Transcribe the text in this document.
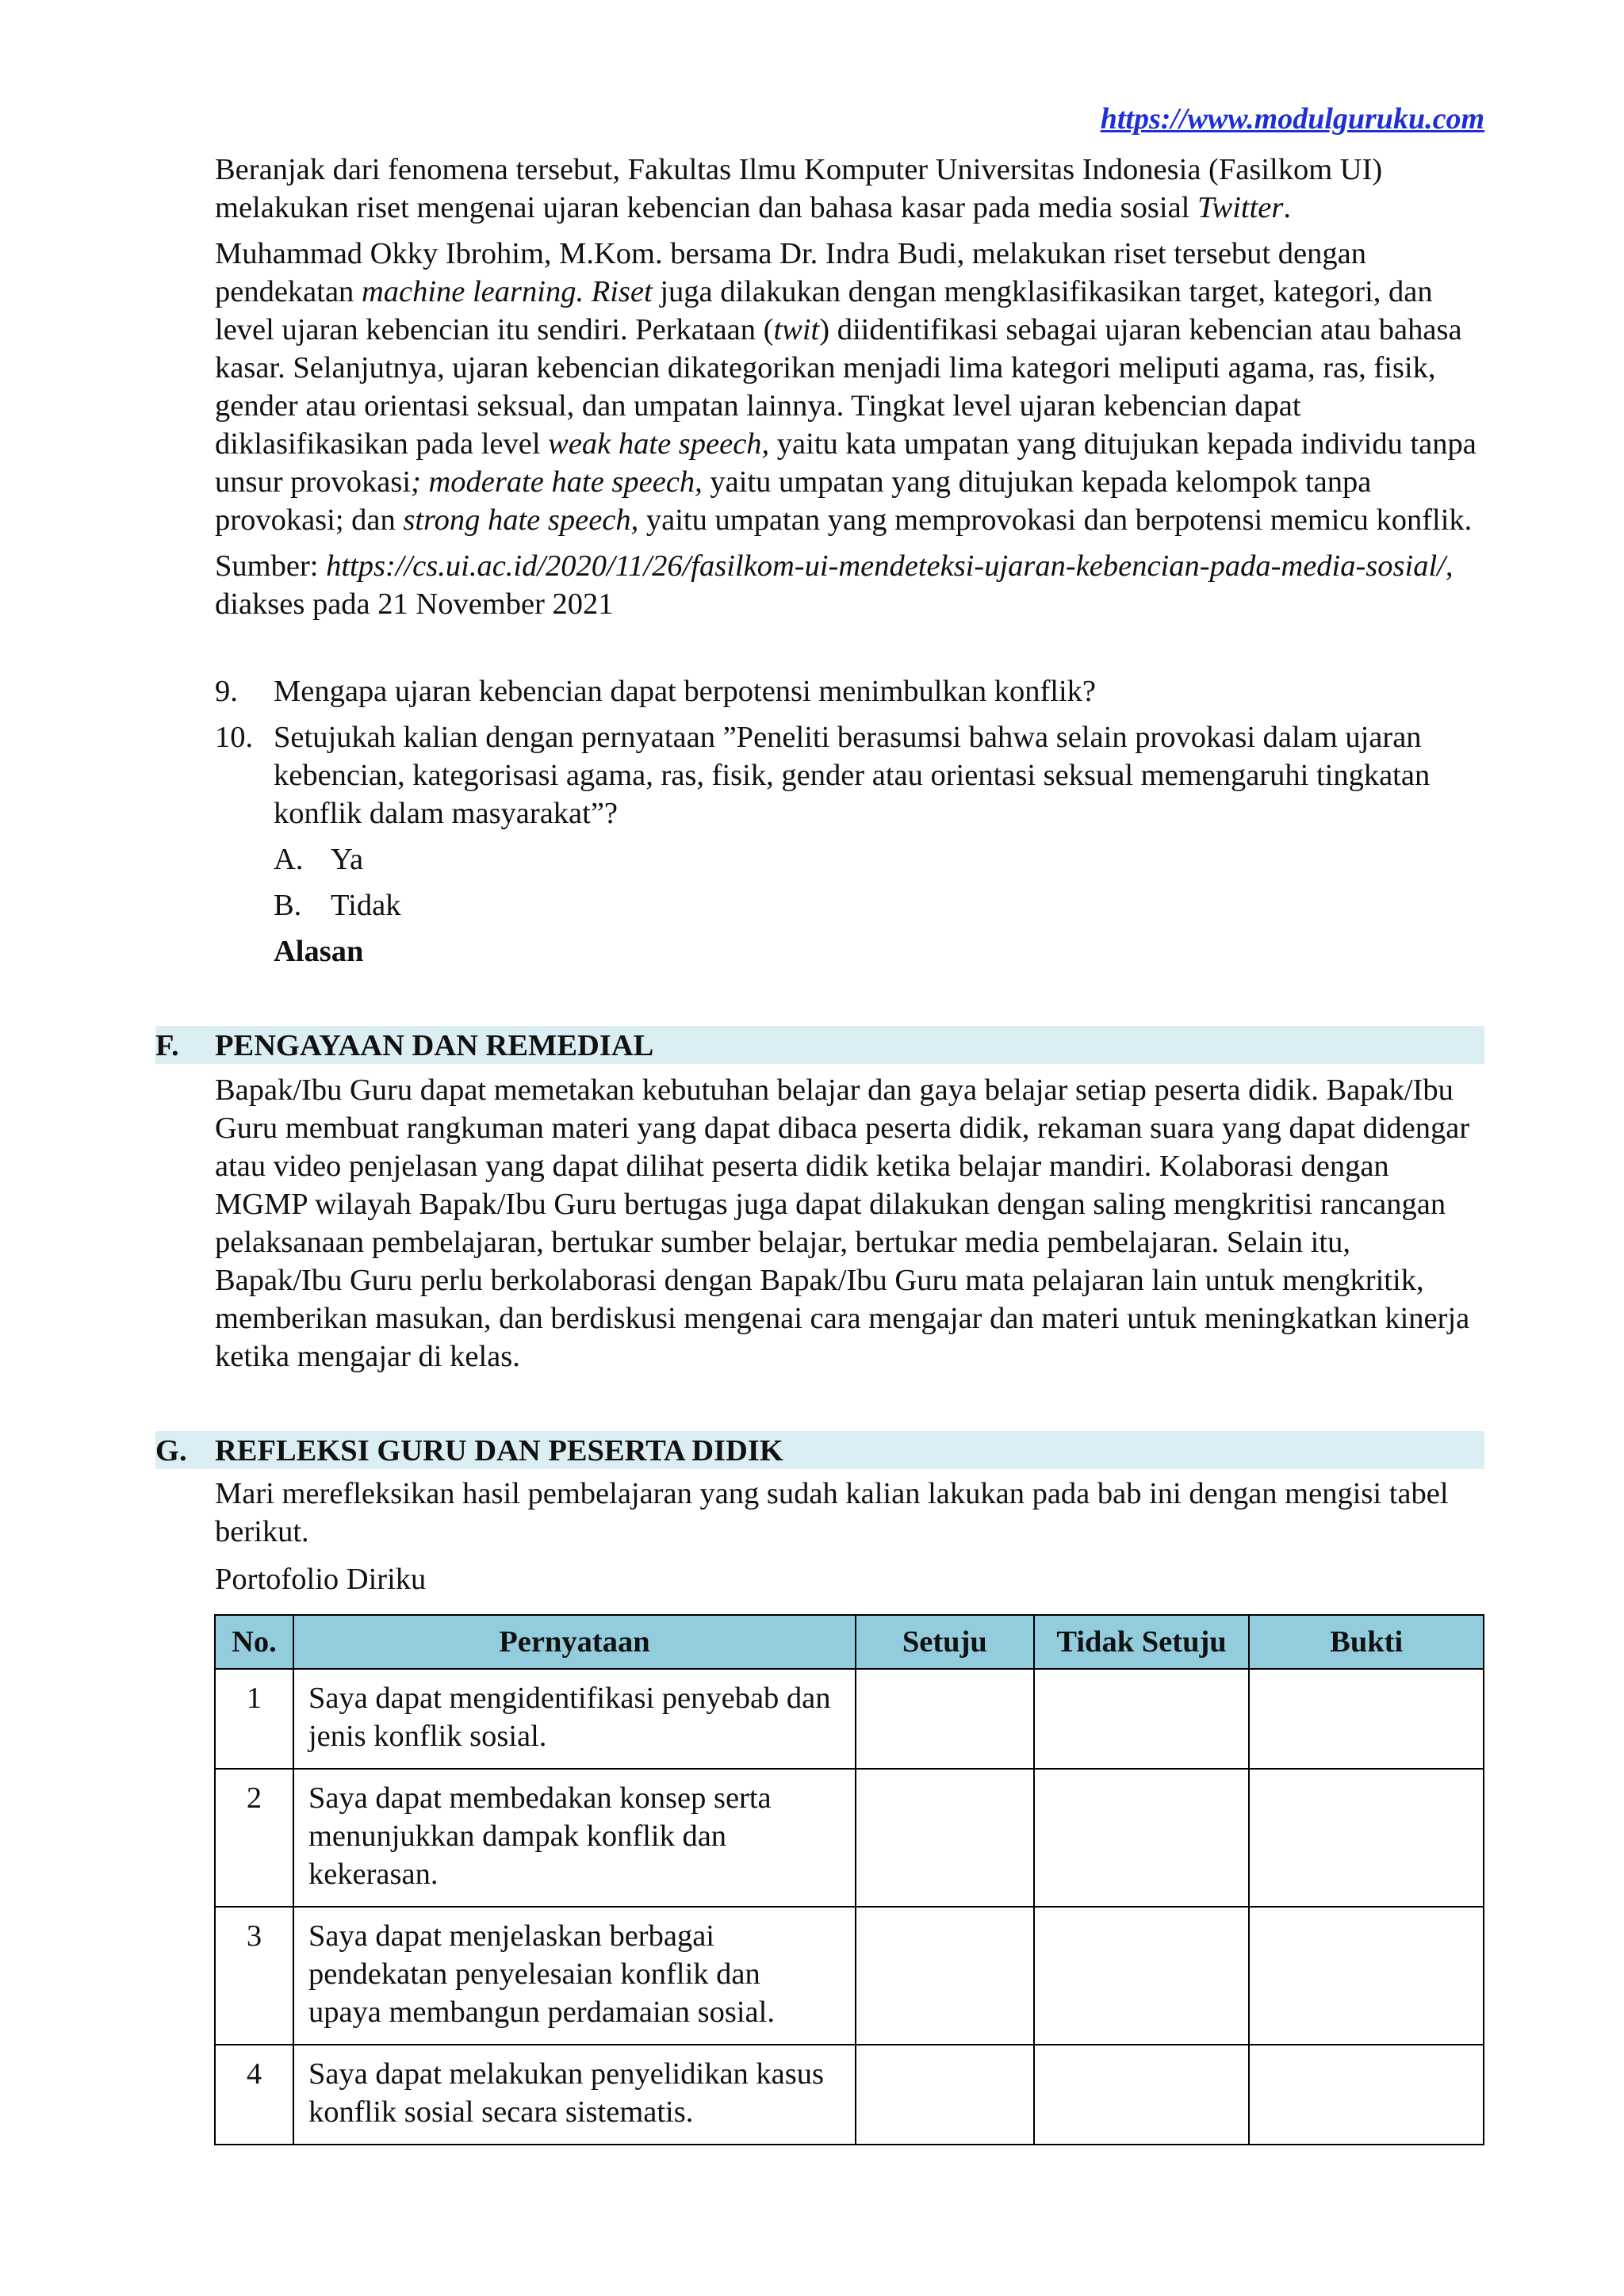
https://www.modulguruku.com

Beranjak dari fenomena tersebut, Fakultas Ilmu Komputer Universitas Indonesia (Fasilkom UI) melakukan riset mengenai ujaran kebencian dan bahasa kasar pada media sosial Twitter.

Muhammad Okky Ibrohim, M.Kom. bersama Dr. Indra Budi, melakukan riset tersebut dengan pendekatan machine learning. Riset juga dilakukan dengan mengklasifikasikan target, kategori, dan level ujaran kebencian itu sendiri. Perkataan (twit) diidentifikasi sebagai ujaran kebencian atau bahasa kasar. Selanjutnya, ujaran kebencian dikategorikan menjadi lima kategori meliputi agama, ras, fisik, gender atau orientasi seksual, dan umpatan lainnya. Tingkat level ujaran kebencian dapat diklasifikasikan pada level weak hate speech, yaitu kata umpatan yang ditujukan kepada individu tanpa unsur provokasi; moderate hate speech, yaitu umpatan yang ditujukan kepada kelompok tanpa provokasi; dan strong hate speech, yaitu umpatan yang memprovokasi dan berpotensi memicu konflik.

Sumber: https://cs.ui.ac.id/2020/11/26/fasilkom-ui-mendeteksi-ujaran-kebencian-pada-media-sosial/, diakses pada 21 November 2021

9.	Mengapa ujaran kebencian dapat berpotensi menimbulkan konflik?
10. Setujukah kalian dengan pernyataan ”Peneliti berasumsi bahwa selain provokasi dalam ujaran kebencian, kategorisasi agama, ras, fisik, gender atau orientasi seksual memengaruhi tingkatan konflik dalam masyarakat”?
A. Ya
B. Tidak
Alasan
F. PENGAYAAN DAN REMEDIAL

Bapak/Ibu Guru dapat memetakan kebutuhan belajar dan gaya belajar setiap peserta didik. Bapak/Ibu Guru membuat rangkuman materi yang dapat dibaca peserta didik, rekaman suara yang dapat didengar atau video penjelasan yang dapat dilihat peserta didik ketika belajar mandiri. Kolaborasi dengan MGMP wilayah Bapak/Ibu Guru bertugas juga dapat dilakukan dengan saling mengkritisi rancangan pelaksanaan pembelajaran, bertukar sumber belajar, bertukar media pembelajaran. Selain itu, Bapak/Ibu Guru perlu berkolaborasi dengan Bapak/Ibu Guru mata pelajaran lain untuk mengkritik, memberikan masukan, dan berdiskusi mengenai cara mengajar dan materi untuk meningkatkan kinerja ketika mengajar di kelas.

G. REFLEKSI GURU DAN PESERTA DIDIK

Mari merefleksikan hasil pembelajaran yang sudah kalian lakukan pada bab ini dengan mengisi tabel berikut.

Portofolio Diriku
No.	Pernyataan	Setuju	Tidak Setuju	Bukti
1	Saya dapat mengidentifikasi penyebab dan jenis konflik sosial.			
2	Saya dapat membedakan konsep serta menunjukkan dampak konflik dan kekerasan.			
3	Saya dapat menjelaskan berbagai pendekatan penyelesaian konflik dan upaya membangun perdamaian sosial.			
4	Saya dapat melakukan penyelidikan kasus konflik sosial secara sistematis.			
